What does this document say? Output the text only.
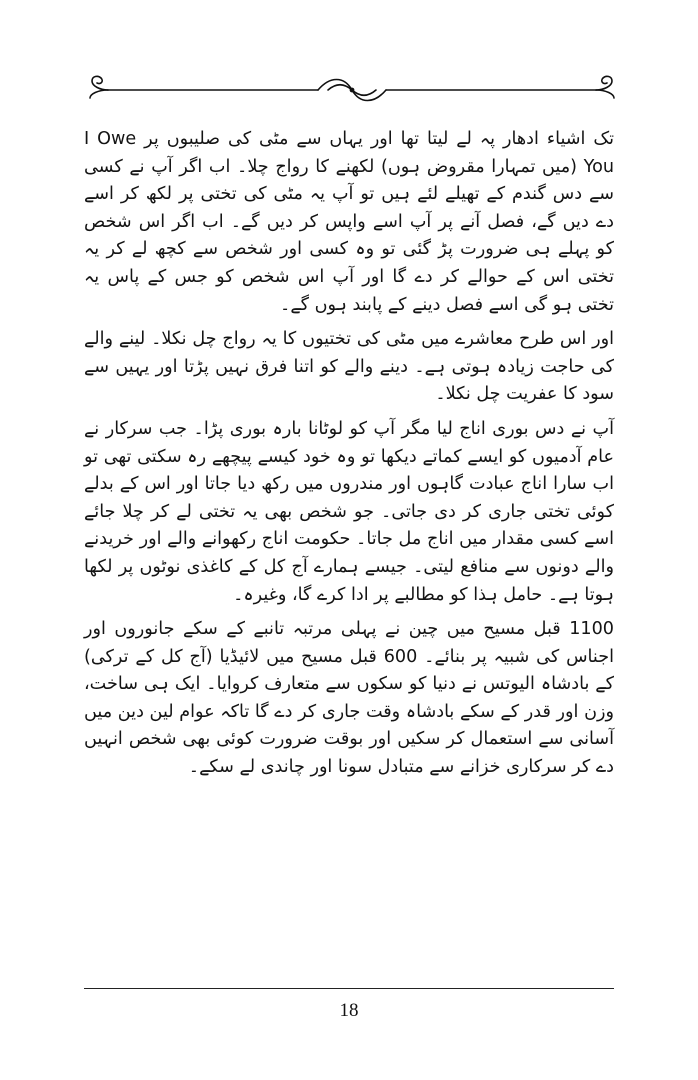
تک اشیاء ادھار پہ لے لیتا تھا اور یہاں سے مٹی کی صلیبوں پر I Owe You (میں تمہارا مقروض ہوں) لکھنے کا رواج چلا۔ اب اگر آپ نے کسی سے دس گندم کے تھیلے لئے ہیں تو آپ یہ مٹی کی تختی پر لکھ کر اسے دے دیں گے، فصل آنے پر آپ اسے واپس کر دیں گے۔ اب اگر اس شخص کو پہلے ہی ضرورت پڑ گئی تو وہ کسی اور شخص سے کچھ لے کر یہ تختی اس کے حوالے کر دے گا اور آپ اس شخص کو جس کے پاس یہ تختی ہو گی اسے فصل دینے کے پابند ہوں گے۔

اور اس طرح معاشرے میں مٹی کی تختیوں کا یہ رواج چل نکلا۔ لینے والے کی حاجت زیادہ ہوتی ہے۔ دینے والے کو اتنا فرق نہیں پڑتا اور یہیں سے سود کا عفریت چل نکلا۔

آپ نے دس بوری اناج لیا مگر آپ کو لوٹانا بارہ بوری پڑا۔ جب سرکار نے عام آدمیوں کو ایسے کماتے دیکھا تو وہ خود کیسے پیچھے رہ سکتی تھی تو اب سارا اناج عبادت گاہوں اور مندروں میں رکھ دیا جاتا اور اس کے بدلے کوئی تختی جاری کر دی جاتی۔ جو شخص بھی یہ تختی لے کر چلا جائے اسے کسی مقدار میں اناج مل جاتا۔ حکومت اناج رکھوانے والے اور خریدنے والے دونوں سے منافع لیتی۔ جیسے ہمارے آج کل کے کاغذی نوٹوں پر لکھا ہوتا ہے۔ حامل ہذا کو مطالبے پر ادا کرے گا، وغیرہ۔

1100 قبل مسیح میں چین نے پہلی مرتبہ تانبے کے سکے جانوروں اور اجناس کی شبیہ پر بنائے۔ 600 قبل مسیح میں لائیڈیا (آج کل کے ترکی) کے بادشاہ الیوتس نے دنیا کو سکوں سے متعارف کروایا۔ ایک ہی ساخت، وزن اور قدر کے سکے بادشاہ وقت جاری کر دے گا تاکہ عوام لین دین میں آسانی سے استعمال کر سکیں اور بوقت ضرورت کوئی بھی شخص انہیں دے کر سرکاری خزانے سے متبادل سونا اور چاندی لے سکے۔

18
